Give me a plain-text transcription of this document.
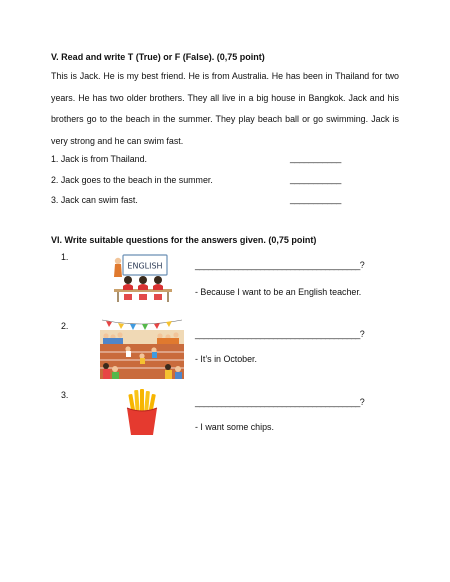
V. Read and write T (True) or F (False). (0,75 point)
This is Jack. He is my best friend. He is from Australia. He has been in Thailand for two years. He has two older brothers. They all live in a big house in Bangkok. Jack and his brothers go to the beach in the summer. They play beach ball or go swimming. Jack is very strong and he can swim fast.
1. Jack is from Thailand.	___________
2. Jack goes to the beach in the summer.	___________
3. Jack can swim fast.	___________
VI. Write suitable questions for the answers given. (0,75 point)
1.
ENGLISH	______________________________________?
- Because I want to be an English teacher.
2.
______________________________________?
- It’s in October.
3.
______________________________________?
- I want some chips.
